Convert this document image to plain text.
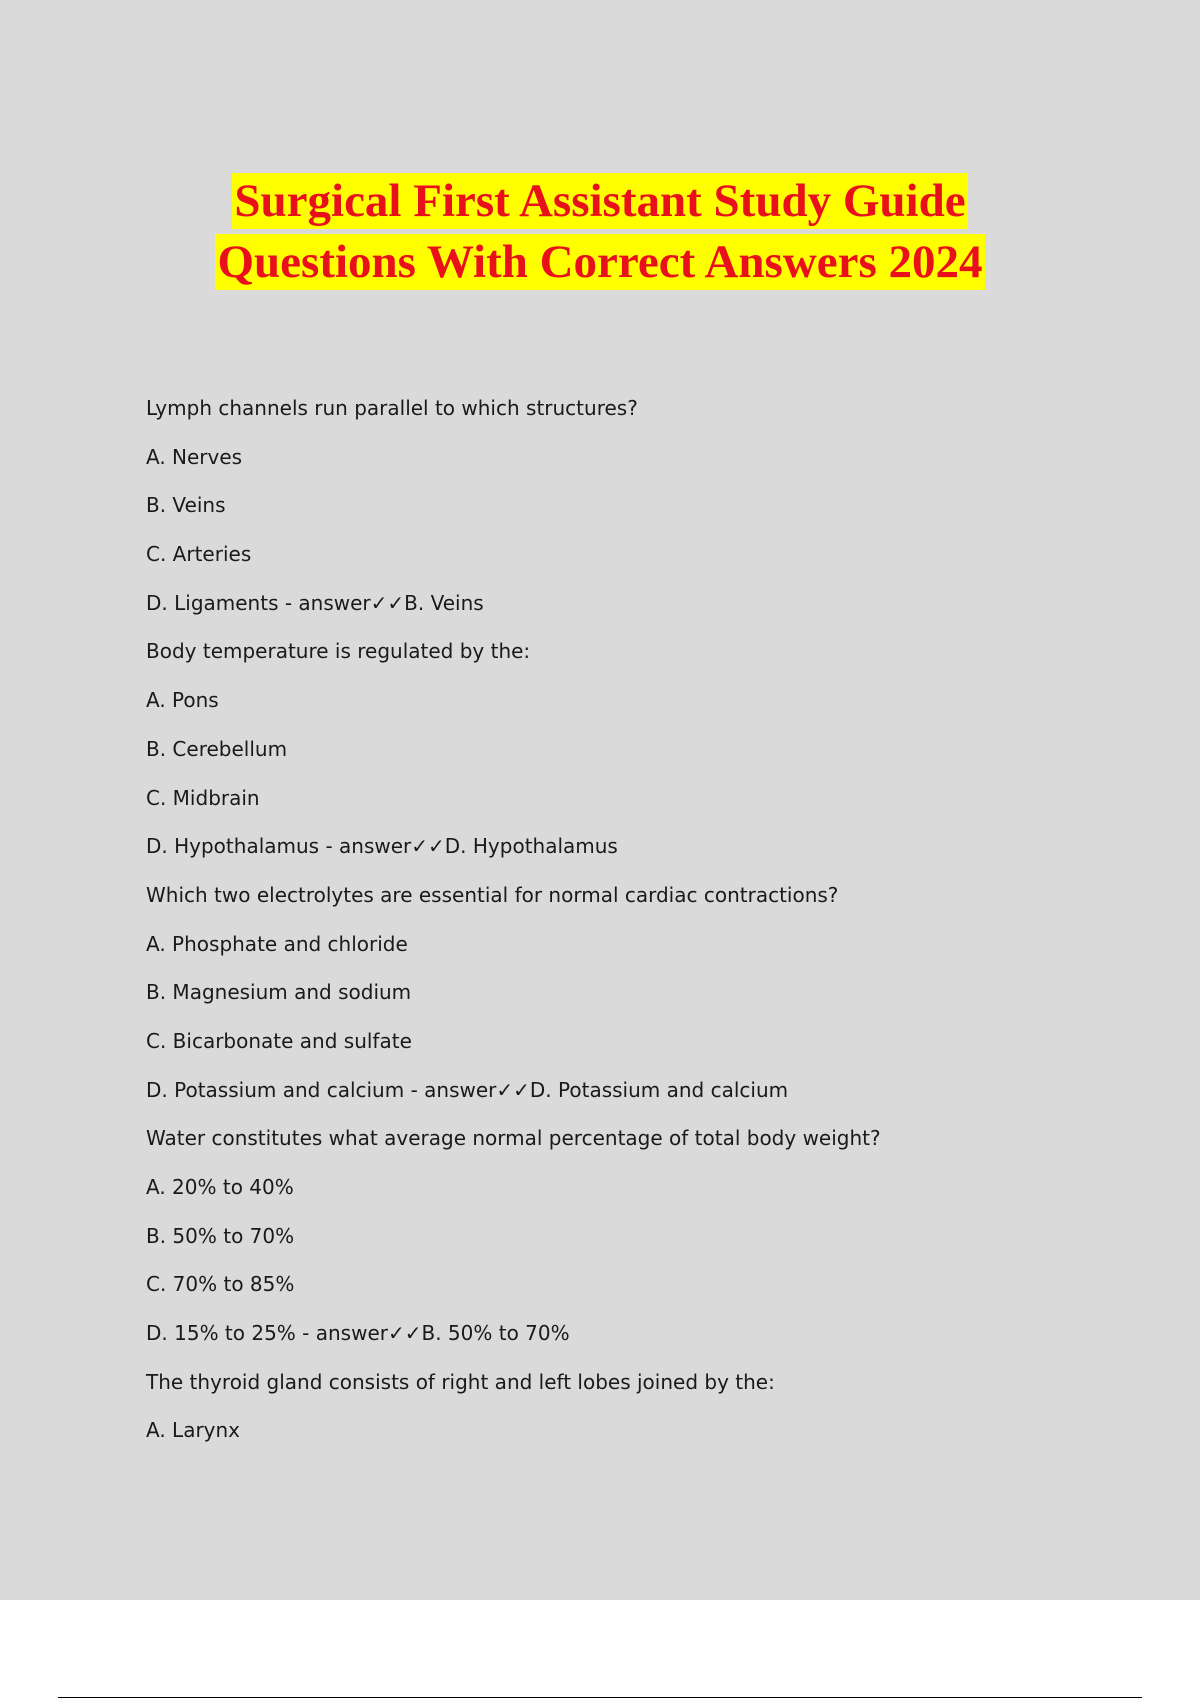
Surgical First Assistant Study Guide
Questions With Correct Answers 2024
Lymph channels run parallel to which structures?
A. Nerves
B. Veins
C. Arteries
D. Ligaments - answer✓✓B. Veins
Body temperature is regulated by the:
A. Pons
B. Cerebellum
C. Midbrain
D. Hypothalamus - answer✓✓D. Hypothalamus
Which two electrolytes are essential for normal cardiac contractions?
A. Phosphate and chloride
B. Magnesium and sodium
C. Bicarbonate and sulfate
D. Potassium and calcium - answer✓✓D. Potassium and calcium
Water constitutes what average normal percentage of total body weight?
A. 20% to 40%
B. 50% to 70%
C. 70% to 85%
D. 15% to 25% - answer✓✓B. 50% to 70%
The thyroid gland consists of right and left lobes joined by the:
A. Larynx
